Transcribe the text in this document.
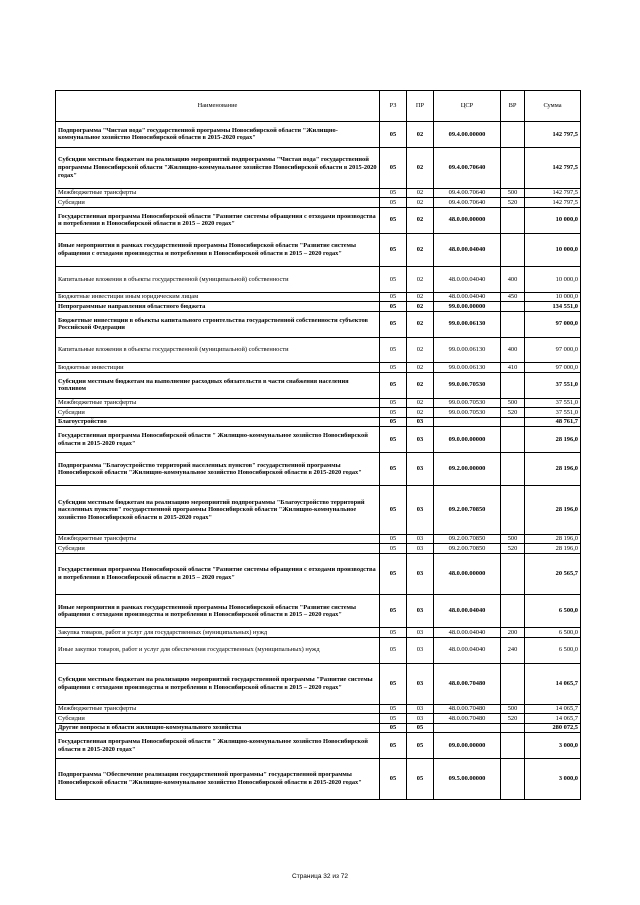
Наименование	РЗ	ПР	ЦСР	ВР	Сумма
Подпрограмма "Чистая вода" государственной программы Новосибирской области "Жилищно-коммунальное хозяйство Новосибирской области в 2015-2020 годах"	05	02	09.4.00.00000		142 797,5
Субсидии местным бюджетам на реализацию мероприятий подпрограммы "Чистая вода" государственной программы Новосибирской области "Жилищно-коммунальное хозяйство Новосибирской области в 2015-2020 годах"	05	02	09.4.00.70640		142 797,5
Межбюджетные трансферты	05	02	09.4.00.70640	500	142 797,5
Субсидии	05	02	09.4.00.70640	520	142 797,5
Государственная программа Новосибирской области "Развитие системы обращения с отходами производства и потребления в Новосибирской области в 2015 – 2020 годах"	05	02	48.0.00.00000		10 000,0
Иные мероприятия в рамках государственной программы Новосибирской области "Развитие системы обращения с отходами производства и потребления в Новосибирской области в 2015 – 2020 годах"	05	02	48.0.00.04040		10 000,0
Капитальные вложения в объекты государственной (муниципальной) собственности	05	02	48.0.00.04040	400	10 000,0
Бюджетные инвестиции иным юридическим лицам	05	02	48.0.00.04040	450	10 000,0
Непрограммные направления областного бюджета	05	02	99.0.00.00000		134 551,0
Бюджетные инвестиции в объекты капитального строительства государственной собственности субъектов Российской Федерации	05	02	99.0.00.06130		97 000,0
Капитальные вложения в объекты государственной (муниципальной) собственности	05	02	99.0.00.06130	400	97 000,0
Бюджетные инвестиции	05	02	99.0.00.06130	410	97 000,0
Субсидии местным бюджетам на выполнение расходных обязательств в части снабжения населения топливом	05	02	99.0.00.70530		37 551,0
Межбюджетные трансферты	05	02	99.0.00.70530	500	37 551,0
Субсидии	05	02	99.0.00.70530	520	37 551,0
Благоустройство	05	03			48 761,7
Государственная программа Новосибирской области " Жилищно-коммунальное хозяйство Новосибирской области в 2015-2020 годах"	05	03	09.0.00.00000		28 196,0
Подпрограмма "Благоустройство территорий населенных пунктов" государственной программы Новосибирской области "Жилищно-коммунальное хозяйство Новосибирской области в 2015-2020 годах"	05	03	09.2.00.00000		28 196,0
Субсидии местным бюджетам на реализацию мероприятий подпрограммы "Благоустройство территорий населенных пунктов" государственной программы Новосибирской области "Жилищно-коммунальное хозяйство Новосибирской области в 2015-2020 годах"	05	03	09.2.00.70850		28 196,0
Межбюджетные трансферты	05	03	09.2.00.70850	500	28 196,0
Субсидии	05	03	09.2.00.70850	520	28 196,0
Государственная программа Новосибирской области "Развитие системы обращения с отходами производства и потребления в Новосибирской области в 2015 – 2020 годах"	05	03	48.0.00.00000		20 565,7
Иные мероприятия в рамках государственной программы Новосибирской области "Развитие системы обращения с отходами производства и потребления в Новосибирской области в 2015 – 2020 годах"	05	03	48.0.00.04040		6 500,0
Закупка товаров, работ и услуг для государственных (муниципальных) нужд	05	03	48.0.00.04040	200	6 500,0
Иные закупки товаров, работ и услуг для обеспечения государственных (муниципальных) нужд	05	03	48.0.00.04040	240	6 500,0
Субсидии местным бюджетам на реализацию мероприятий государственной программы "Развитие системы обращения с отходами производства и потребления в Новосибирской области в 2015 – 2020 годах"	05	03	48.0.00.70480		14 065,7
Межбюджетные трансферты	05	03	48.0.00.70480	500	14 065,7
Субсидии	05	03	48.0.00.70480	520	14 065,7
Другие вопросы в области жилищно-коммунального хозяйства	05	05			280 072,5
Государственная программа Новосибирской области " Жилищно-коммунальное хозяйство Новосибирской области в 2015-2020 годах"	05	05	09.0.00.00000		3 000,0
Подпрограмма "Обеспечение реализации государственной программы" государственной программы Новосибирской области "Жилищно-коммунальное хозяйство Новосибирской области в 2015-2020 годах"	05	05	09.5.00.00000		3 000,0
Страница 32 из 72
